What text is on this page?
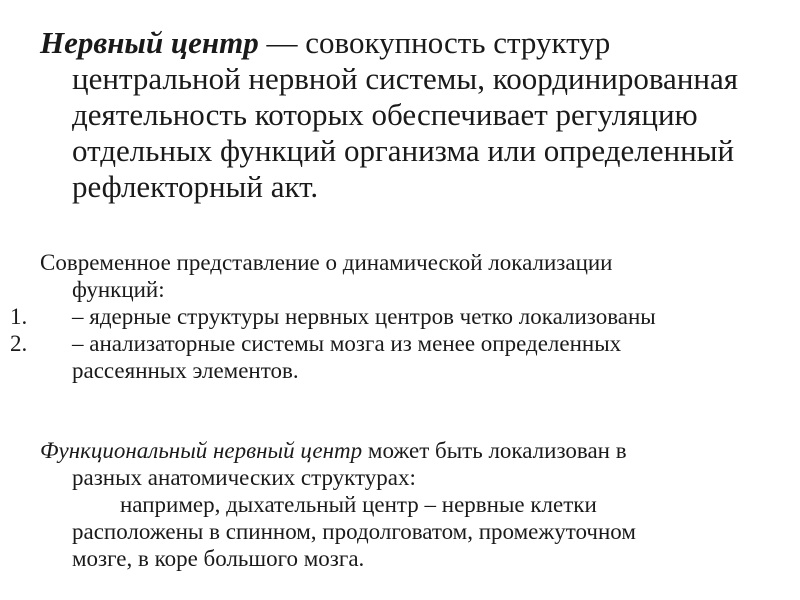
Нервный центр — совокупность структур
центральной нервной системы, координированная
деятельность которых обеспечивает регуляцию
отдельных функций организма или определенный
рефлекторный акт.
Современное представление о динамической локализации
функций:
1.	– ядерные структуры нервных центров четко локализованы
2.	– анализаторные системы мозга из менее определенных
рассеянных элементов.
Функциональный нервный центр может быть локализован в
разных анатомических структурах:
например, дыхательный центр – нервные клетки
расположены в спинном, продолговатом, промежуточном
мозге, в коре большого мозга.
